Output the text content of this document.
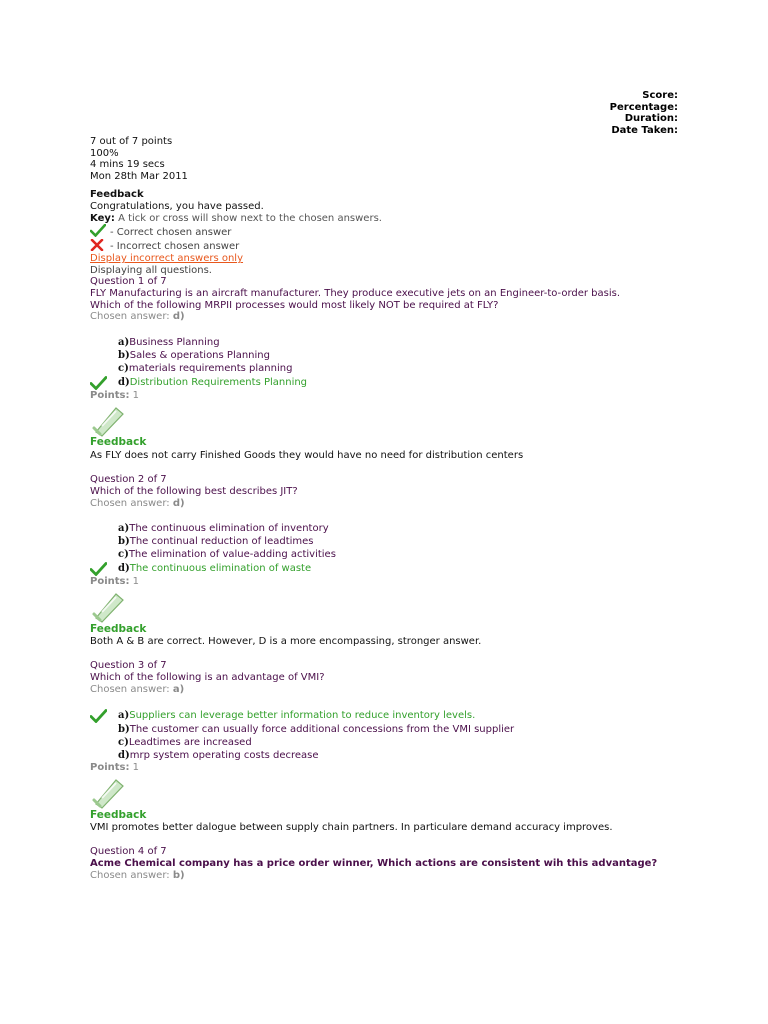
Score:
Percentage:
Duration:
Date Taken:
7 out of 7 points
100%
4 mins 19 secs
Mon 28th Mar 2011
Feedback
Congratulations, you have passed.
Key: A tick or cross will show next to the chosen answers.
- Correct chosen answer
- Incorrect chosen answer
Display incorrect answers only
Displaying all questions.
Question 1 of 7
FLY Manufacturing is an aircraft manufacturer. They produce executive jets on an Engineer-to-order basis.
Which of the following MRPII processes would most likely NOT be required at FLY?
Chosen answer: d)
a)Business Planning
b)Sales & operations Planning
c)materials requirements planning
d)Distribution Requirements Planning
Points: 1
Feedback
As FLY does not carry Finished Goods they would have no need for distribution centers
Question 2 of 7
Which of the following best describes JIT?
Chosen answer: d)
a)The continuous elimination of inventory
b)The continual reduction of leadtimes
c)The elimination of value-adding activities
d)The continuous elimination of waste
Points: 1
Feedback
Both A & B are correct. However, D is a more encompassing, stronger answer.
Question 3 of 7
Which of the following is an advantage of VMI?
Chosen answer: a)
a)Suppliers can leverage better information to reduce inventory levels.
b)The customer can usually force additional concessions from the VMI supplier
c)Leadtimes are increased
d)mrp system operating costs decrease
Points: 1
Feedback
VMI promotes better dalogue between supply chain partners. In particulare demand accuracy improves.
Question 4 of 7
Acme Chemical company has a price order winner, Which actions are consistent wih this advantage?
Chosen answer: b)
